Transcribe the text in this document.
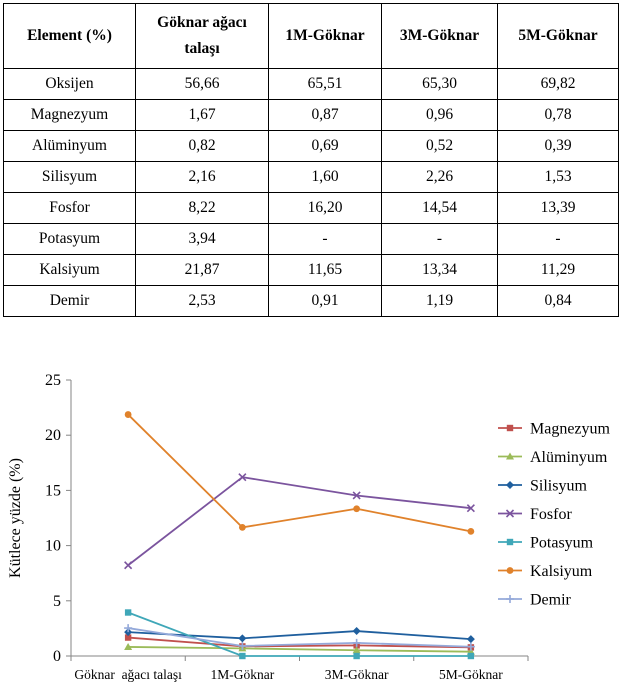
Element (%)	Göknar ağacı talaşı	1M-Göknar	3M-Göknar	5M-Göknar
Oksijen	56,66	65,51	65,30	69,82
Magnezyum	1,67	0,87	0,96	0,78
Alüminyum	0,82	0,69	0,52	0,39
Silisyum	2,16	1,60	2,26	1,53
Fosfor	8,22	16,20	14,54	13,39
Potasyum	3,94	-	-	-
Kalsiyum	21,87	11,65	13,34	11,29
Demir	2,53	0,91	1,19	0,84
0
5
10
15
20
25
Göknar  ağacı talaşı 1M-Göknar	3M-Göknar	5M-Göknar
Kütlece yüzde (%)
Magnezyum
Alüminyum
Silisyum
Fosfor
Potasyum
Kalsiyum
Demir
